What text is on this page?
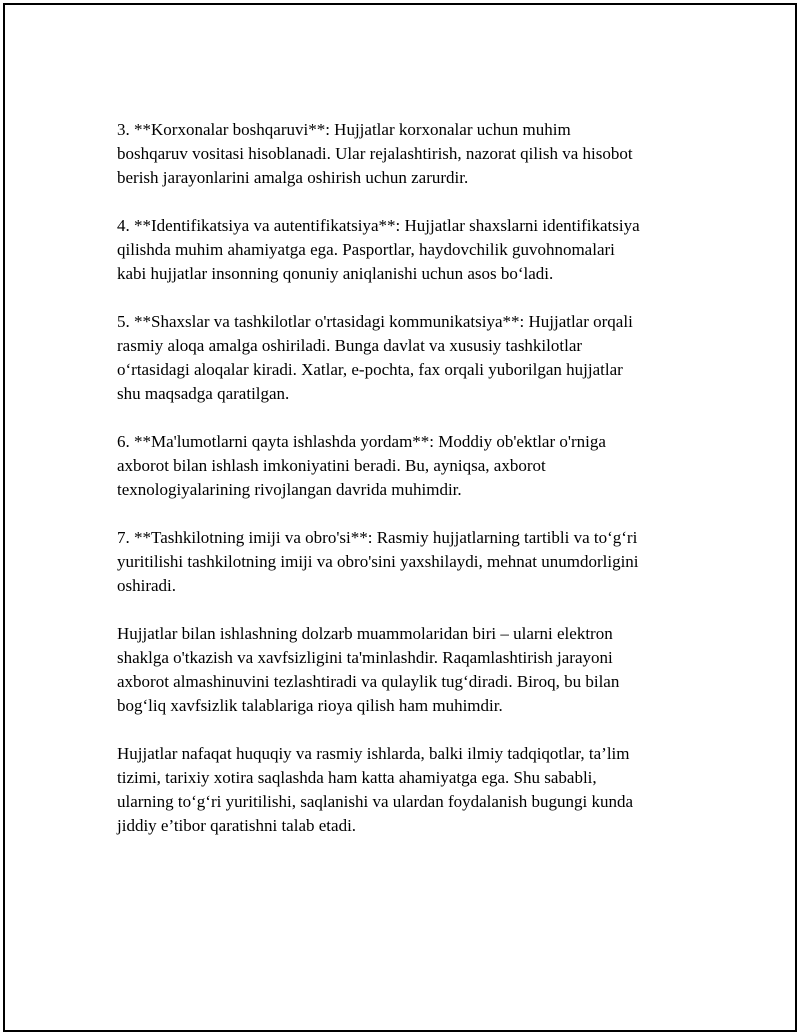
3. **Korxonalar boshqaruvi**: Hujjatlar korxonalar uchun muhim
boshqaruv vositasi hisoblanadi. Ular rejalashtirish, nazorat qilish va hisobot
berish jarayonlarini amalga oshirish uchun zarurdir.

4. **Identifikatsiya va autentifikatsiya**: Hujjatlar shaxslarni identifikatsiya
qilishda muhim ahamiyatga ega. Pasportlar, haydovchilik guvohnomalari
kabi hujjatlar insonning qonuniy aniqlanishi uchun asos boʻladi.

5. **Shaxslar va tashkilotlar o'rtasidagi kommunikatsiya**: Hujjatlar orqali
rasmiy aloqa amalga oshiriladi. Bunga davlat va xususiy tashkilotlar
oʻrtasidagi aloqalar kiradi. Xatlar, e-pochta, fax orqali yuborilgan hujjatlar
shu maqsadga qaratilgan.

6. **Ma'lumotlarni qayta ishlashda yordam**: Moddiy ob'ektlar o'rniga
axborot bilan ishlash imkoniyatini beradi. Bu, ayniqsa, axborot
texnologiyalarining rivojlangan davrida muhimdir.

7. **Tashkilotning imiji va obro'si**: Rasmiy hujjatlarning tartibli va toʻgʻri
yuritilishi tashkilotning imiji va obro'sini yaxshilaydi, mehnat unumdorligini
oshiradi.

Hujjatlar bilan ishlashning dolzarb muammolaridan biri – ularni elektron
shaklga o'tkazish va xavfsizligini ta'minlashdir. Raqamlashtirish jarayoni
axborot almashinuvini tezlashtiradi va qulaylik tugʻdiradi. Biroq, bu bilan
bogʻliq xavfsizlik talablariga rioya qilish ham muhimdir.

Hujjatlar nafaqat huquqiy va rasmiy ishlarda, balki ilmiy tadqiqotlar, ta’lim
tizimi, tarixiy xotira saqlashda ham katta ahamiyatga ega. Shu sababli,
ularning toʻgʻri yuritilishi, saqlanishi va ulardan foydalanish bugungi kunda
jiddiy e’tibor qaratishni talab etadi.
